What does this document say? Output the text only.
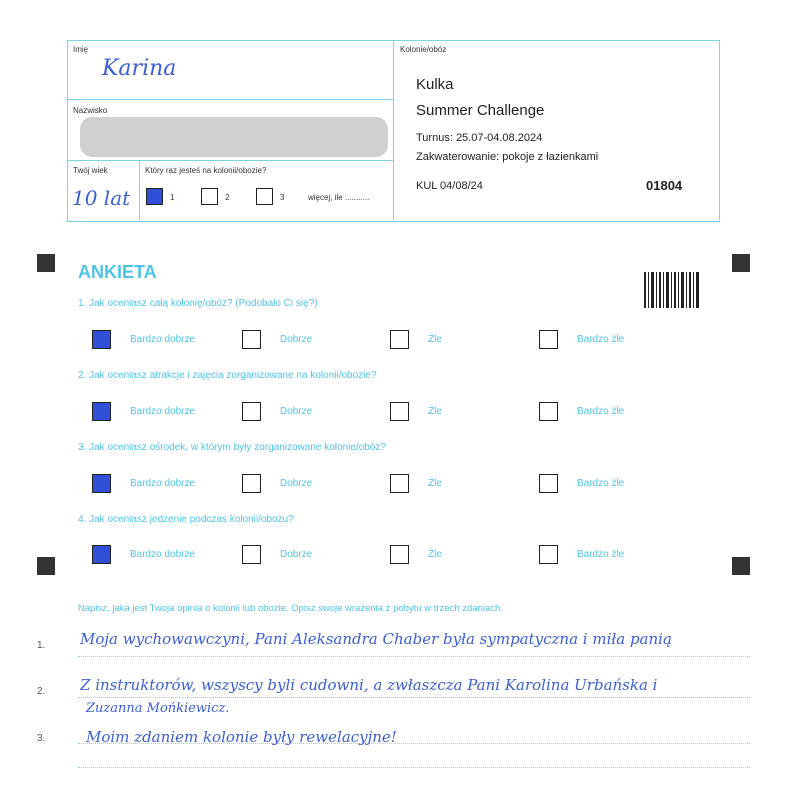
Imię
Karina
Nazwisko
Twój wiek
10 lat
Który raz jesteś na kolonii/obozie?
1	2	3	więcej, ile ...........
Kolonie/obóz
Kulka
Summer Challenge
Turnus: 25.07-04.08.2024
Zakwaterowanie: pokoje z łazienkami
KUL 04/08/24	01804
ANKIETA
1. Jak oceniasz całą kolonię/obóz? (Podobało Ci się?)
Bardzo dobrze	Dobrze	Źle	Bardzo źle
2. Jak oceniasz atrakcje i zajęcia zorganizowane na kolonii/obozie?
Bardzo dobrze	Dobrze	Źle	Bardzo źle
3. Jak oceniasz ośrodek, w którym były zorganizowane kolonie/obóz?
Bardzo dobrze	Dobrze	Źle	Bardzo źle
4. Jak oceniasz jedzenie podczas kolonii/obozu?
Bardzo dobrze	Dobrze	Źle	Bardzo źle
Napisz, jaka jest Twoja opinia o kolonii lub obozie. Opisz swoje wrażenia z pobytu w trzech zdaniach.
1. Moja wychowawczyni, Pani Aleksandra Chaber była sympatyczna i miła panią
2. Z instruktorów, wszyscy byli cudowni, a zwłaszcza Pani Karolina Urbańska i
Zuzanna Mońkiewicz.
3.	Moim zdaniem kolonie były rewelacyjne!
